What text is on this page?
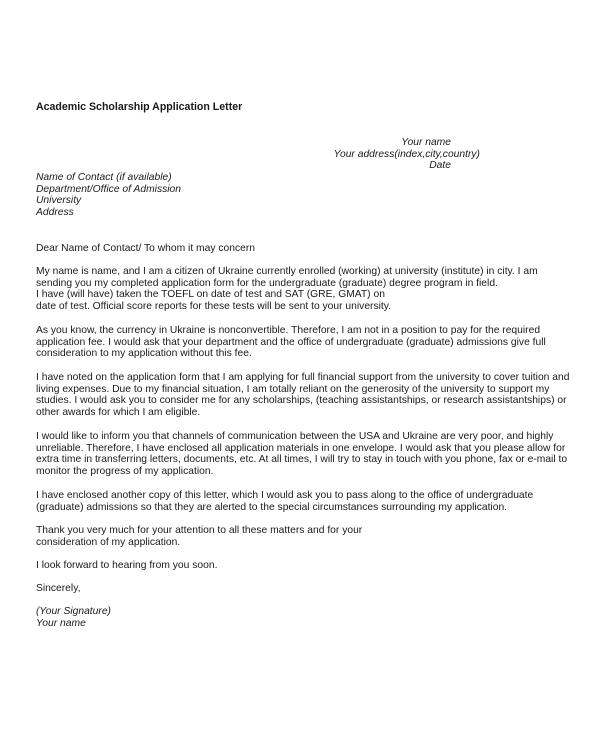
Academic Scholarship Application Letter
Your name
Your address(index,city,country)
Date
Name of Contact (if available)
Department/Office of Admission
University
Address
Dear Name of Contact/ To whom it may concern
My name is name, and I am a citizen of Ukraine currently enrolled (working) at university (institute) in city. I am
sending you my completed application form for the undergraduate (graduate) degree program in field.
I have (will have) taken the TOEFL on date of test and SAT (GRE, GMAT) on
date of test. Official score reports for these tests will be sent to your university.
As you know, the currency in Ukraine is nonconvertible. Therefore, I am not in a position to pay for the required
application fee. I would ask that your department and the office of undergraduate (graduate) admissions give full
consideration to my application without this fee.
I have noted on the application form that I am applying for full financial support from the university to cover tuition and
living expenses. Due to my financial situation, I am totally reliant on the generosity of the university to support my
studies. I would ask you to consider me for any scholarships, (teaching assistantships, or research assistantships) or
other awards for which I am eligible.
I would like to inform you that channels of communication between the USA and Ukraine are very poor, and highly
unreliable. Therefore, I have enclosed all application materials in one envelope. I would ask that you please allow for
extra time in transferring letters, documents, etc. At all times, I will try to stay in touch with you phone, fax or e-mail to
monitor the progress of my application.
I have enclosed another copy of this letter, which I would ask you to pass along to the office of undergraduate
(graduate) admissions so that they are alerted to the special circumstances surrounding my application.
Thank you very much for your attention to all these matters and for your
consideration of my application.
I look forward to hearing from you soon.
Sincerely,
(Your Signature)
Your name
